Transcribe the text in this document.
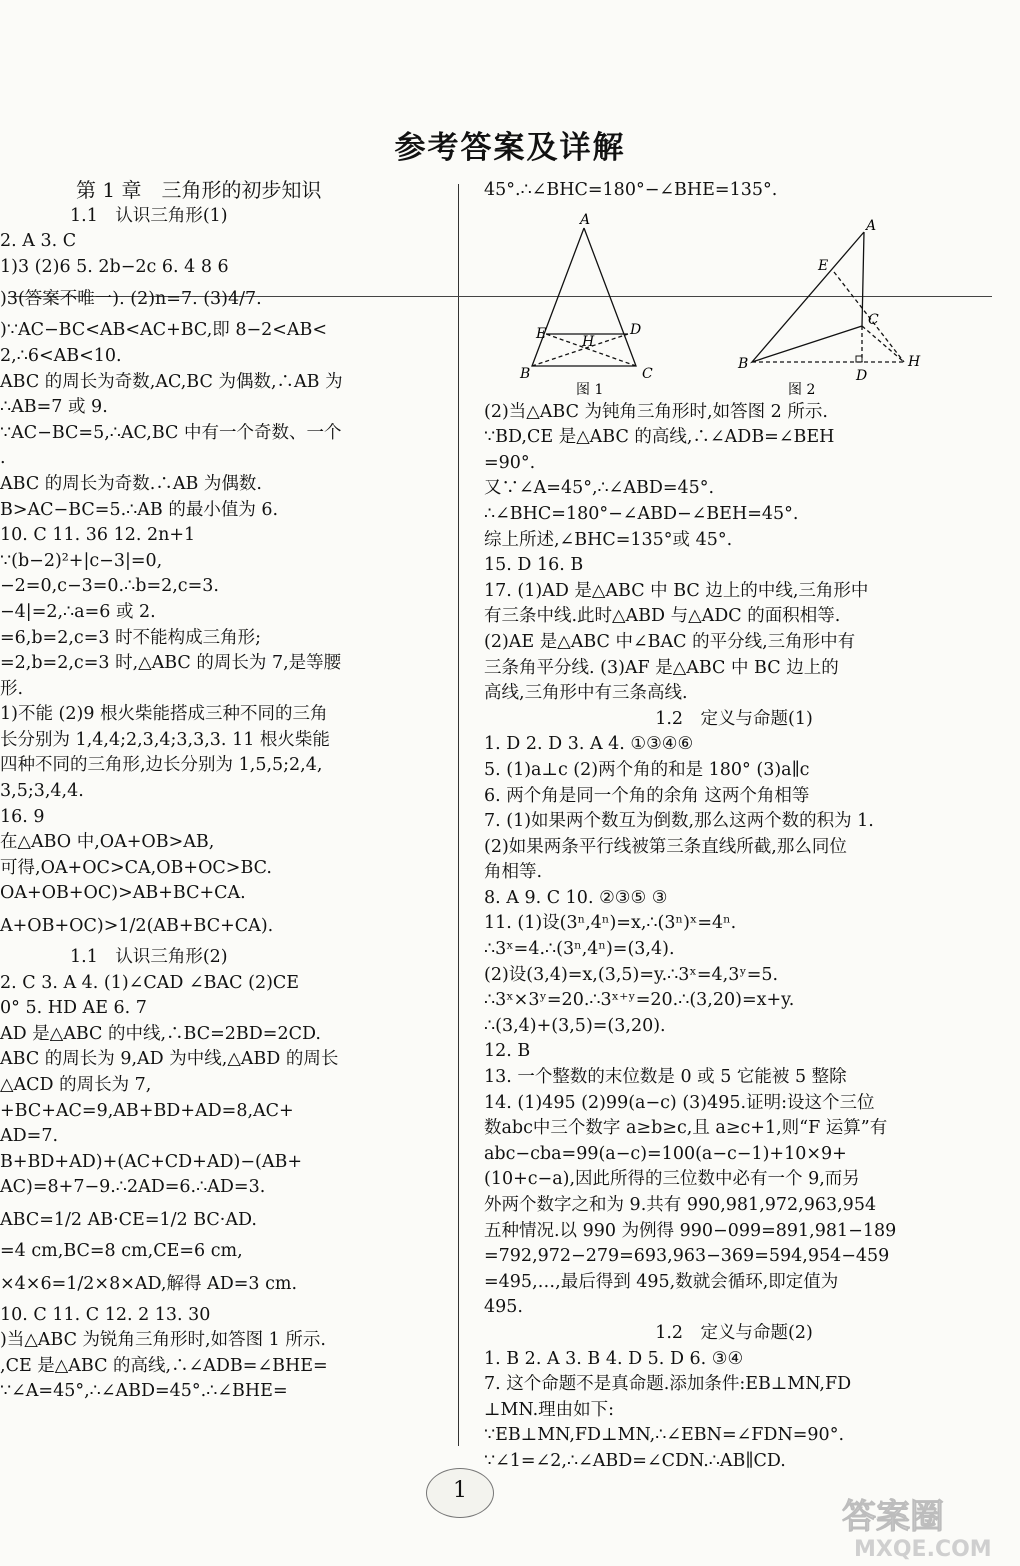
参考答案及详解

第 1 章　三角形的初步知识

　　　　1.1　认识三角形(1)

2. A 3. C

1)3 (2)6 5. 2b−2c 6. 4 8 6

)3(答案不唯一). (2)n=7. (3)4/7.

)∵AC−BC<AB<AC+BC,即 8−2<AB<

2,∴6<AB<10.

ABC 的周长为奇数,AC,BC 为偶数,∴AB 为

∴AB=7 或 9.

∵AC−BC=5,∴AC,BC 中有一个奇数、一个

.

ABC 的周长为奇数.∴AB 为偶数.

B>AC−BC=5.∴AB 的最小值为 6.

10. C 11. 36 12. 2n+1

∵(b−2)²+|c−3|=0,

−2=0,c−3=0.∴b=2,c=3.

−4|=2,∴a=6 或 2.

=6,b=2,c=3 时不能构成三角形;

=2,b=2,c=3 时,△ABC 的周长为 7,是等腰

形.

1)不能 (2)9 根火柴能搭成三种不同的三角

长分别为 1,4,4;2,3,4;3,3,3. 11 根火柴能

四种不同的三角形,边长分别为 1,5,5;2,4,

3,5;3,4,4.

16. 9

在△ABO 中,OA+OB>AB,

可得,OA+OC>CA,OB+OC>BC.

OA+OB+OC)>AB+BC+CA.

A+OB+OC)>1/2(AB+BC+CA).

　　　　1.1　认识三角形(2)

2. C 3. A 4. (1)∠CAD ∠BAC (2)CE

0° 5. HD AE 6. 7

AD 是△ABC 的中线,∴BC=2BD=2CD.

ABC 的周长为 9,AD 为中线,△ABD 的周长

△ACD 的周长为 7,

+BC+AC=9,AB+BD+AD=8,AC+

AD=7.

B+BD+AD)+(AC+CD+AD)−(AB+

AC)=8+7−9.∴2AD=6.∴AD=3.

ABC=1/2 AB·CE=1/2 BC·AD.

=4 cm,BC=8 cm,CE=6 cm,

×4×6=1/2×8×AD,解得 AD=3 cm.

10. C 11. C 12. 2 13. 30

)当△ABC 为锐角三角形时,如答图 1 所示.

,CE 是△ABC 的高线,∴∠ADB=∠BHE=

∵∠A=45°,∴∠ABD=45°.∴∠BHE=

45°.∴∠BHC=180°−∠BHE=135°.

A
B	C
D
E	H
图 1
A
B
C
D
E
H
图 2

(2)当△ABC 为钝角三角形时,如答图 2 所示.

∵BD,CE 是△ABC 的高线,∴∠ADB=∠BEH

=90°.

又∵∠A=45°,∴∠ABD=45°.

∴∠BHC=180°−∠ABD−∠BEH=45°.

综上所述,∠BHC=135°或 45°.

15. D 16. B

17. (1)AD 是△ABC 中 BC 边上的中线,三角形中

有三条中线.此时△ABD 与△ADC 的面积相等.

(2)AE 是△ABC 中∠BAC 的平分线,三角形中有

三条角平分线. (3)AF 是△ABC 中 BC 边上的

高线,三角形中有三条高线.

1.2　定义与命题(1)

1. D 2. D 3. A 4. ①③④⑥

5. (1)a⊥c (2)两个角的和是 180° (3)a∥c

6. 两个角是同一个角的余角 这两个角相等

7. (1)如果两个数互为倒数,那么这两个数的积为 1.

(2)如果两条平行线被第三条直线所截,那么同位

角相等.

8. A 9. C 10. ②③⑤ ③

11. (1)设(3ⁿ,4ⁿ)=x,∴(3ⁿ)ˣ=4ⁿ.

∴3ˣ=4.∴(3ⁿ,4ⁿ)=(3,4).

(2)设(3,4)=x,(3,5)=y.∴3ˣ=4,3ʸ=5.

∴3ˣ×3ʸ=20.∴3ˣ⁺ʸ=20.∴(3,20)=x+y.

∴(3,4)+(3,5)=(3,20).

12. B

13. 一个整数的末位数是 0 或 5 它能被 5 整除

14. (1)495 (2)99(a−c) (3)495.证明:设这个三位

数abc中三个数字 a≥b≥c,且 a≥c+1,则“F 运算”有

abc−cba=99(a−c)=100(a−c−1)+10×9+

(10+c−a),因此所得的三位数中必有一个 9,而另

外两个数字之和为 9.共有 990,981,972,963,954

五种情况.以 990 为例得 990−099=891,981−189

=792,972−279=693,963−369=594,954−459

=495,…,最后得到 495,数就会循环,即定值为

495.

1.2　定义与命题(2)

1. B 2. A 3. B 4. D 5. D 6. ③④

7. 这个命题不是真命题.添加条件:EB⊥MN,FD

⊥MN.理由如下:

∵EB⊥MN,FD⊥MN,∴∠EBN=∠FDN=90°.

∵∠1=∠2,∴∠ABD=∠CDN.∴AB∥CD.

1
答案圈
MXQE.COM
